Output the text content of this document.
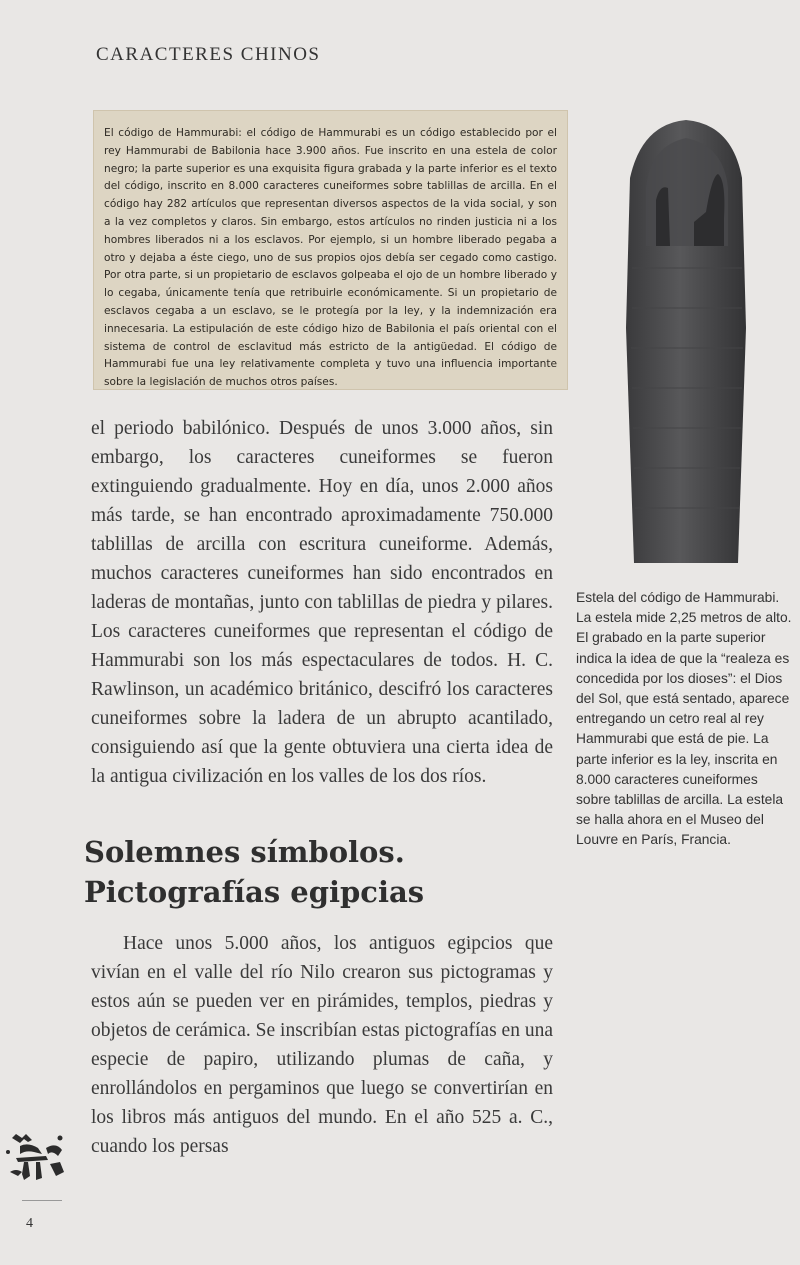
CARACTERES CHINOS

El código de Hammurabi: el código de Hammurabi es un código establecido por el rey Hammurabi de Babilonia hace 3.900 años. Fue inscrito en una estela de color negro; la parte superior es una exquisita figura grabada y la parte inferior es el texto del código, inscrito en 8.000 caracteres cuneiformes sobre tablillas de arcilla. En el código hay 282 artículos que representan diversos aspectos de la vida social, y son a la vez completos y claros. Sin embargo, estos artículos no rinden justicia ni a los hombres liberados ni a los esclavos. Por ejemplo, si un hombre liberado pegaba a otro y dejaba a éste ciego, uno de sus propios ojos debía ser cegado como castigo. Por otra parte, si un propietario de esclavos golpeaba el ojo de un hombre liberado y lo cegaba, únicamente tenía que retribuirle económicamente. Si un propietario de esclavos cegaba a un esclavo, se le protegía por la ley, y la indemnización era innecesaria. La estipulación de este código hizo de Babilonia el país oriental con el sistema de control de esclavitud más estricto de la antigüedad. El código de Hammurabi fue una ley relativamente completa y tuvo una influencia importante sobre la legislación de muchos otros países.

el periodo babilónico. Después de unos 3.000 años, sin embargo, los caracteres cuneiformes se fueron extinguiendo gradualmente. Hoy en día, unos 2.000 años más tarde, se han encontrado aproximadamente 750.000 tablillas de arcilla con escritura cuneiforme. Además, muchos caracteres cuneiformes han sido encontrados en laderas de montañas, junto con tablillas de piedra y pilares. Los caracteres cuneiformes que representan el código de Hammurabi son los más espectaculares de todos. H. C. Rawlinson, un académico británico, descifró los caracteres cuneiformes sobre la ladera de un abrupto acantilado, consiguiendo así que la gente obtuviera una cierta idea de la antigua civilización en los valles de los dos ríos.

Solemnes símbolos. Pictografías egipcias

Hace unos 5.000 años, los antiguos egipcios que vivían en el valle del río Nilo crearon sus pictogramas y estos aún se pueden ver en pirámides, templos, piedras y objetos de cerámica. Se inscribían estas pictografías en una especie de papiro, utilizando plumas de caña, y enrollándolos en pergaminos que luego se convertirían en los libros más antiguos del mundo. En el año 525 a. C., cuando los persas

Estela del código de Hammurabi. La estela mide 2,25 metros de alto. El grabado en la parte superior indica la idea de que la “realeza es concedida por los dioses”: el Dios del Sol, que está sentado, aparece entregando un cetro real al rey Hammurabi que está de pie. La parte inferior es la ley, inscrita en 8.000 caracteres cuneiformes sobre tablillas de arcilla. La estela se halla ahora en el Museo del Louvre en París, Francia.

4
